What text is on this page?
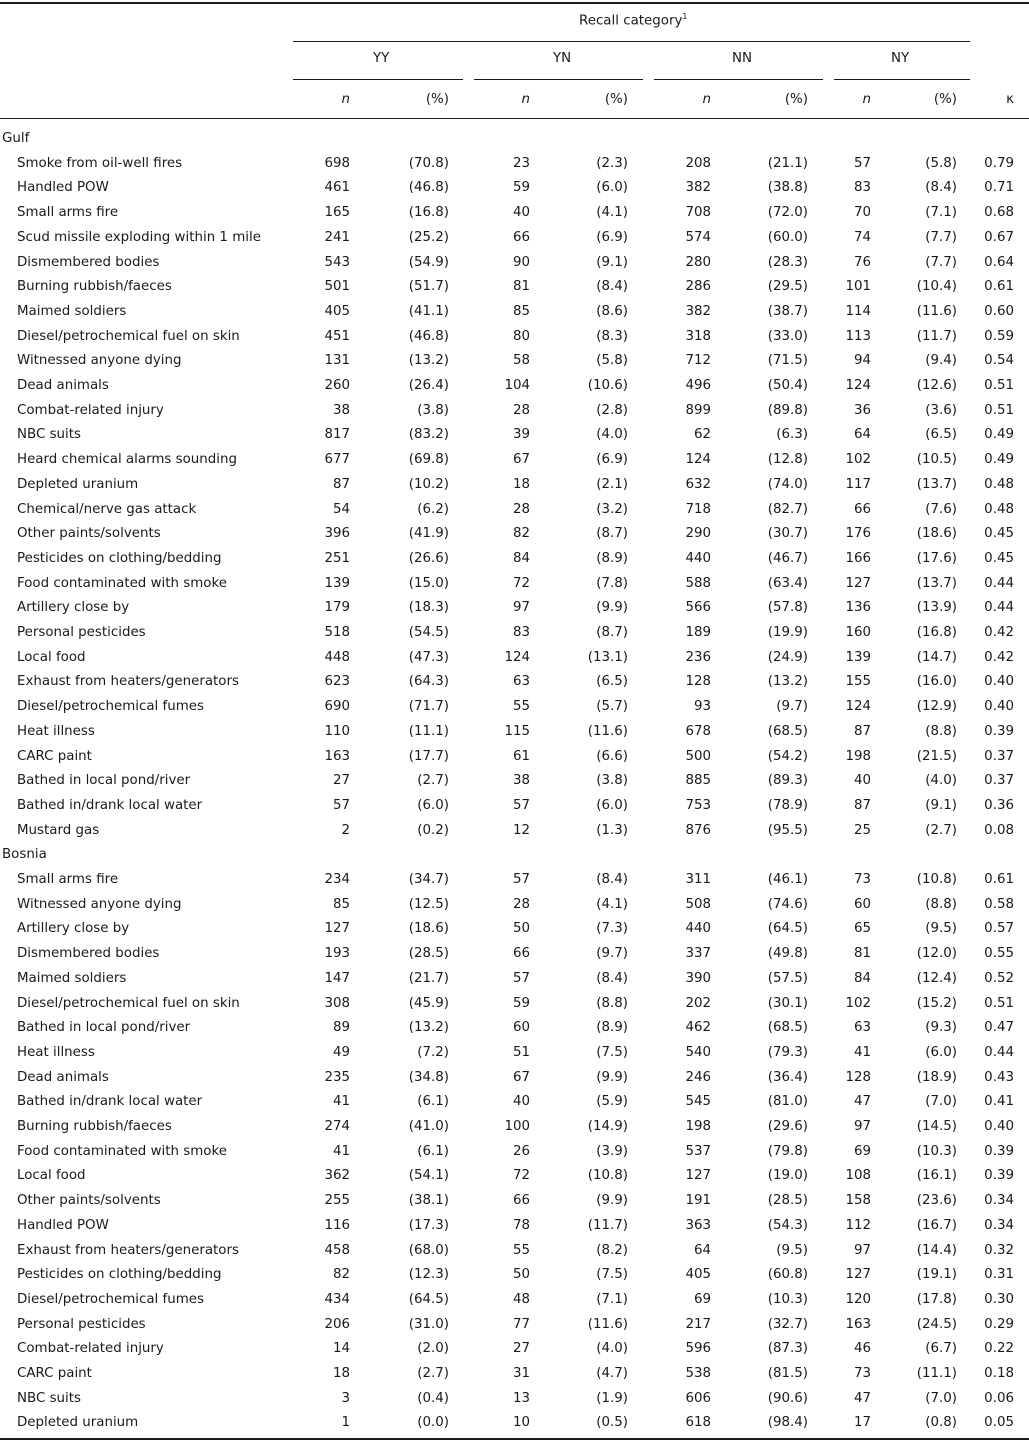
Recall category$^1$
YY	YN	NN	NY
n	(%)	n	(%)	n	(%)	n	(%)	κ
Gulf
Smoke from oil-well fires	698	(70.8)	23	(2.3)	208	(21.1)	57	(5.8) 0.79
Handled POW	461	(46.8)	59	(6.0)	382	(38.8)	83	(8.4) 0.71
Small arms fire	165	(16.8)	40	(4.1)	708	(72.0)	70	(7.1) 0.68
Scud missile exploding within 1 mile	241	(25.2)	66	(6.9)	574	(60.0)	74	(7.7) 0.67
Dismembered bodies	543	(54.9)	90	(9.1)	280	(28.3)	76	(7.7) 0.64
Burning rubbish/faeces	501	(51.7)	81	(8.4)	286	(29.5)	101	(10.4) 0.61
Maimed soldiers	405	(41.1)	85	(8.6)	382	(38.7)	114	(11.6) 0.60
Diesel/petrochemical fuel on skin	451	(46.8)	80	(8.3)	318	(33.0)	113	(11.7) 0.59
Witnessed anyone dying	131	(13.2)	58	(5.8)	712	(71.5)	94	(9.4) 0.54
Dead animals	260	(26.4)	104	(10.6)	496	(50.4)	124	(12.6) 0.51
Combat-related injury	38	(3.8)	28	(2.8)	899	(89.8)	36	(3.6) 0.51
NBC suits	817	(83.2)	39	(4.0)	62	(6.3)	64	(6.5) 0.49
Heard chemical alarms sounding	677	(69.8)	67	(6.9)	124	(12.8)	102	(10.5) 0.49
Depleted uranium	87	(10.2)	18	(2.1)	632	(74.0)	117	(13.7) 0.48
Chemical/nerve gas attack	54	(6.2)	28	(3.2)	718	(82.7)	66	(7.6) 0.48
Other paints/solvents	396	(41.9)	82	(8.7)	290	(30.7)	176	(18.6) 0.45
Pesticides on clothing/bedding	251	(26.6)	84	(8.9)	440	(46.7)	166	(17.6) 0.45
Food contaminated with smoke	139	(15.0)	72	(7.8)	588	(63.4)	127	(13.7) 0.44
Artillery close by	179	(18.3)	97	(9.9)	566	(57.8)	136	(13.9) 0.44
Personal pesticides	518	(54.5)	83	(8.7)	189	(19.9)	160	(16.8) 0.42
Local food	448	(47.3)	124	(13.1)	236	(24.9)	139	(14.7) 0.42
Exhaust from heaters/generators	623	(64.3)	63	(6.5)	128	(13.2)	155	(16.0) 0.40
Diesel/petrochemical fumes	690	(71.7)	55	(5.7)	93	(9.7)	124	(12.9) 0.40
Heat illness	110	(11.1)	115	(11.6)	678	(68.5)	87	(8.8) 0.39
CARC paint	163	(17.7)	61	(6.6)	500	(54.2)	198	(21.5) 0.37
Bathed in local pond/river	27	(2.7)	38	(3.8)	885	(89.3)	40	(4.0) 0.37
Bathed in/drank local water	57	(6.0)	57	(6.0)	753	(78.9)	87	(9.1) 0.36
Mustard gas	2	(0.2)	12	(1.3)	876	(95.5)	25	(2.7) 0.08
Bosnia
Small arms fire	234	(34.7)	57	(8.4)	311	(46.1)	73	(10.8) 0.61
Witnessed anyone dying	85	(12.5)	28	(4.1)	508	(74.6)	60	(8.8) 0.58
Artillery close by	127	(18.6)	50	(7.3)	440	(64.5)	65	(9.5) 0.57
Dismembered bodies	193	(28.5)	66	(9.7)	337	(49.8)	81	(12.0) 0.55
Maimed soldiers	147	(21.7)	57	(8.4)	390	(57.5)	84	(12.4) 0.52
Diesel/petrochemical fuel on skin	308	(45.9)	59	(8.8)	202	(30.1)	102	(15.2) 0.51
Bathed in local pond/river	89	(13.2)	60	(8.9)	462	(68.5)	63	(9.3) 0.47
Heat illness	49	(7.2)	51	(7.5)	540	(79.3)	41	(6.0) 0.44
Dead animals	235	(34.8)	67	(9.9)	246	(36.4)	128	(18.9) 0.43
Bathed in/drank local water	41	(6.1)	40	(5.9)	545	(81.0)	47	(7.0) 0.41
Burning rubbish/faeces	274	(41.0)	100	(14.9)	198	(29.6)	97	(14.5) 0.40
Food contaminated with smoke	41	(6.1)	26	(3.9)	537	(79.8)	69	(10.3) 0.39
Local food	362	(54.1)	72	(10.8)	127	(19.0)	108	(16.1) 0.39
Other paints/solvents	255	(38.1)	66	(9.9)	191	(28.5)	158	(23.6) 0.34
Handled POW	116	(17.3)	78	(11.7)	363	(54.3)	112	(16.7) 0.34
Exhaust from heaters/generators	458	(68.0)	55	(8.2)	64	(9.5)	97	(14.4) 0.32
Pesticides on clothing/bedding	82	(12.3)	50	(7.5)	405	(60.8)	127	(19.1) 0.31
Diesel/petrochemical fumes	434	(64.5)	48	(7.1)	69	(10.3)	120	(17.8) 0.30
Personal pesticides	206	(31.0)	77	(11.6)	217	(32.7)	163	(24.5) 0.29
Combat-related injury	14	(2.0)	27	(4.0)	596	(87.3)	46	(6.7) 0.22
CARC paint	18	(2.7)	31	(4.7)	538	(81.5)	73	(11.1) 0.18
NBC suits	3	(0.4)	13	(1.9)	606	(90.6)	47	(7.0) 0.06
Depleted uranium	1	(0.0)	10	(0.5)	618	(98.4)	17	(0.8) 0.05
